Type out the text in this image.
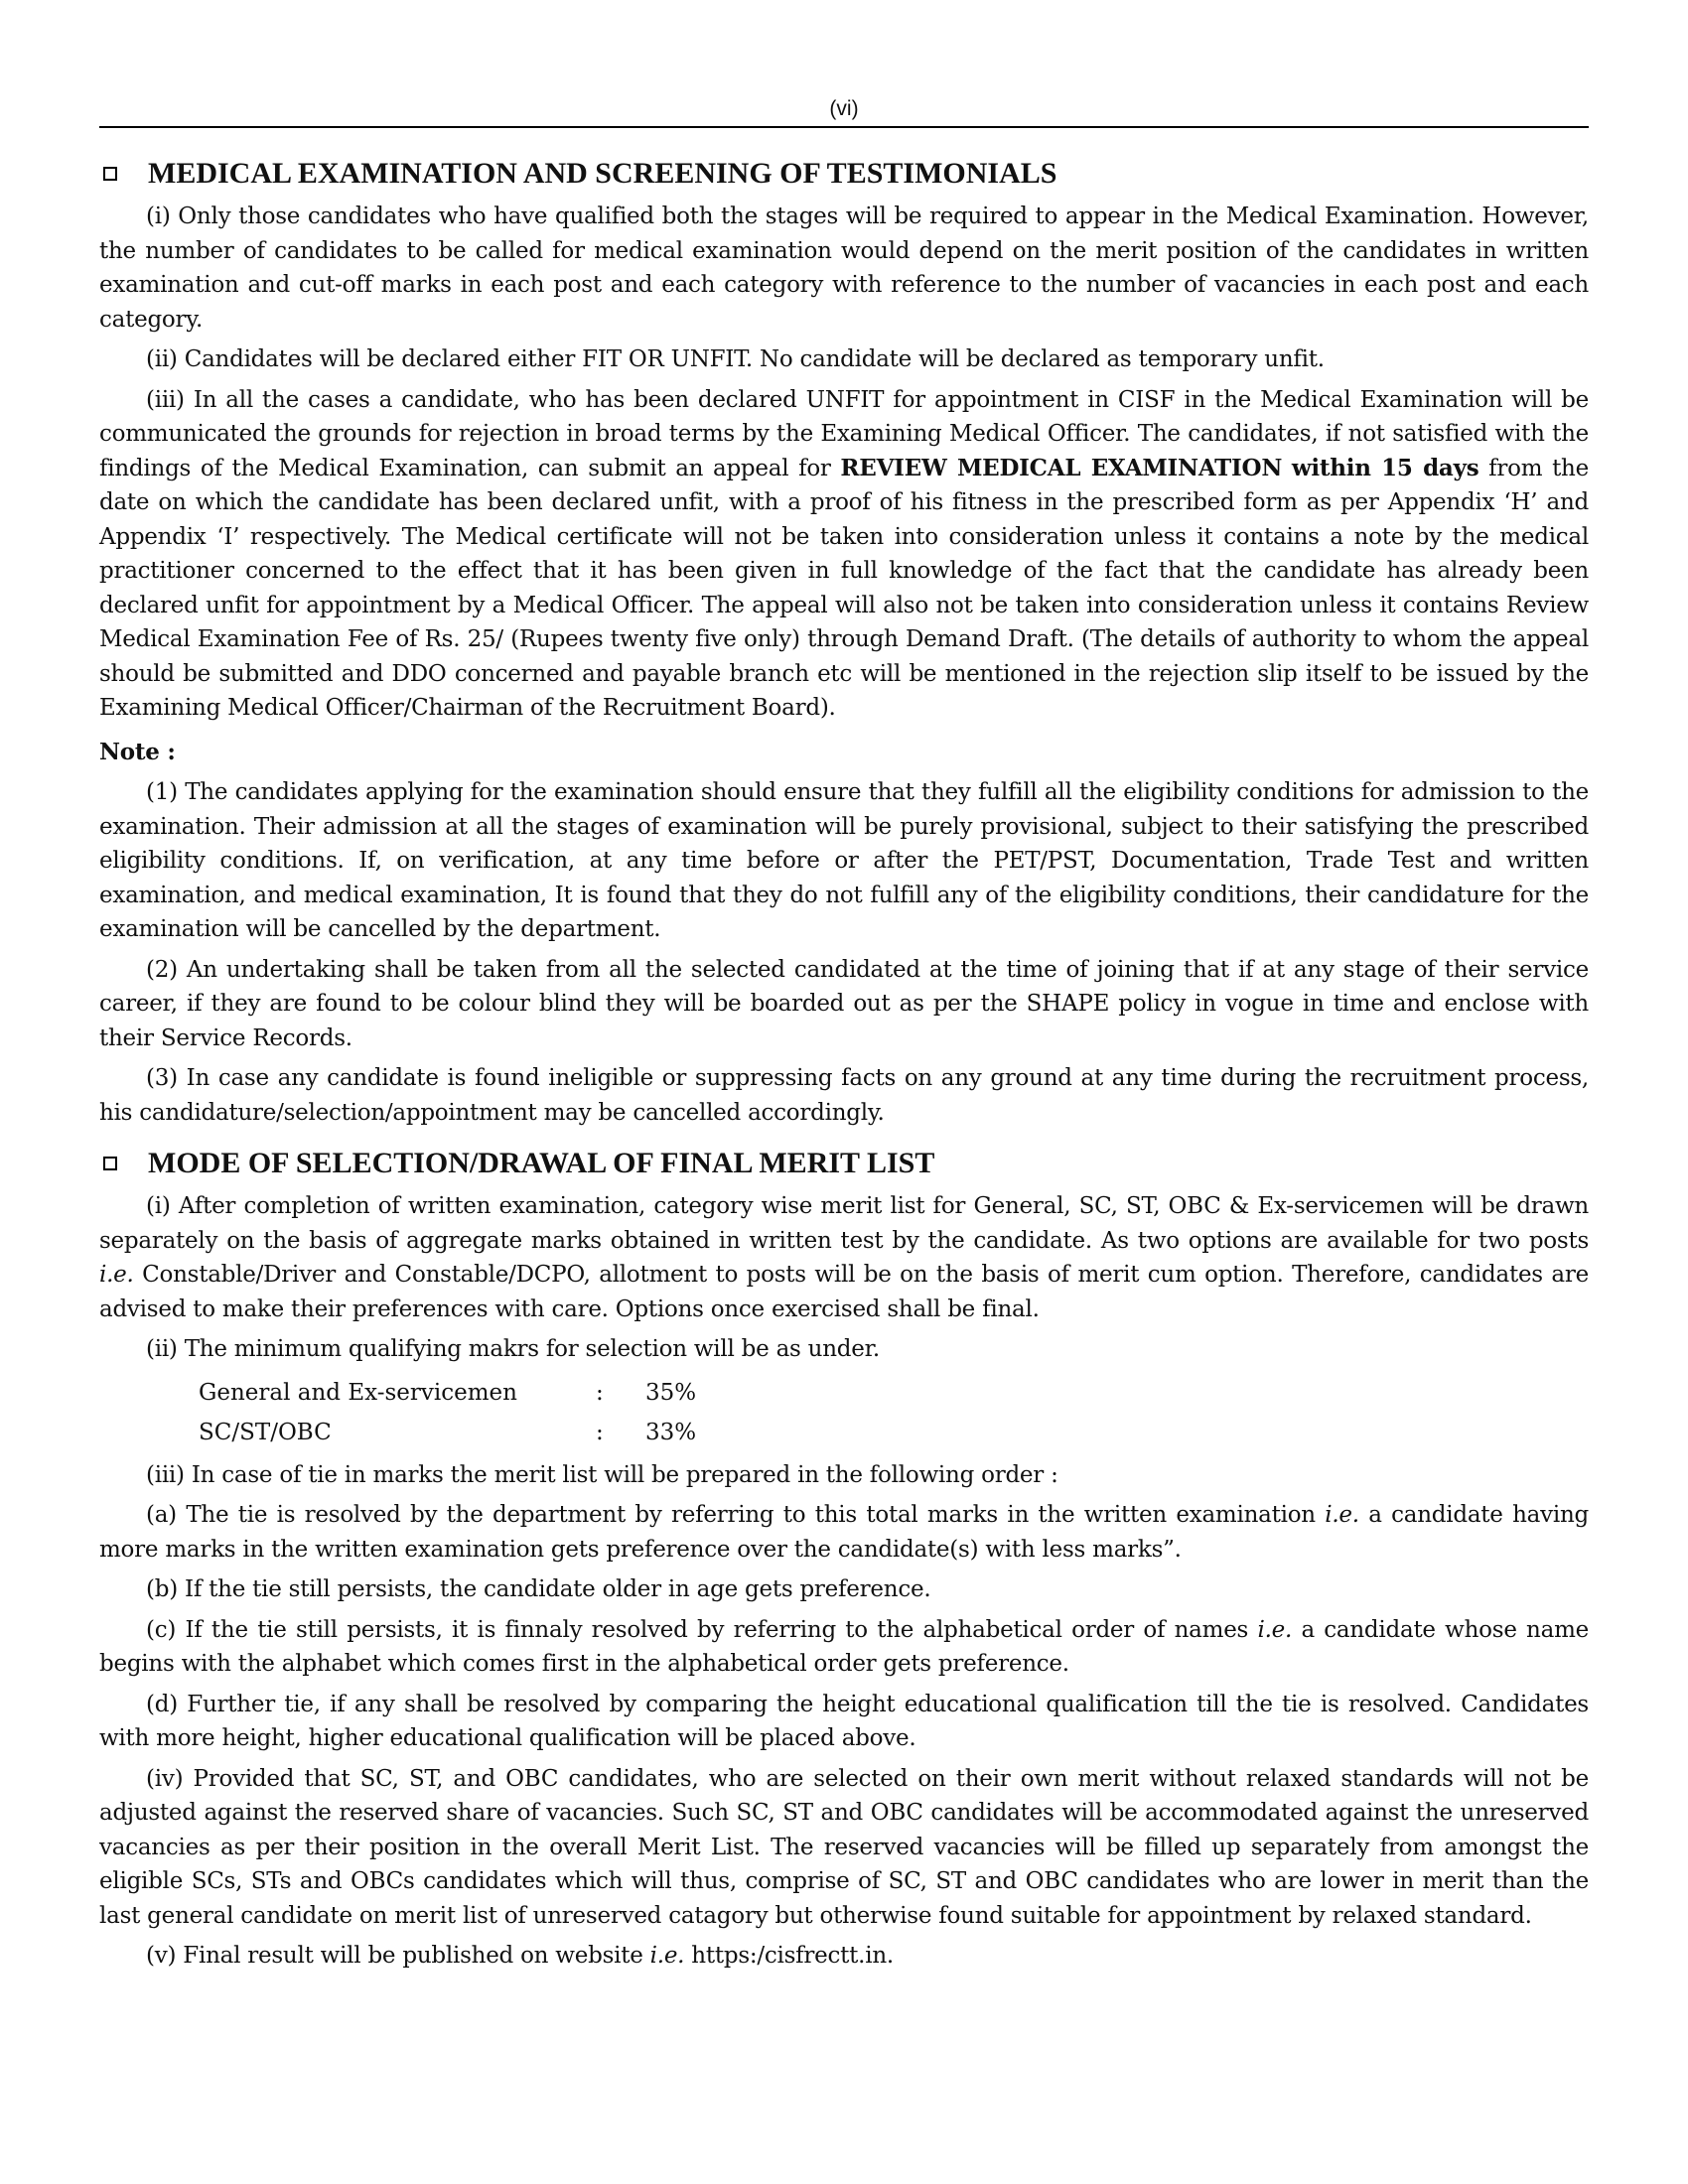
(vi)
MEDICAL EXAMINATION AND SCREENING OF TESTIMONIALS

(i) Only those candidates who have qualified both the stages will be required to appear in the Medical Examination. However, the number of candidates to be called for medical examination would depend on the merit position of the candidates in written examination and cut-off marks in each post and each category with reference to the number of vacancies in each post and each category.

(ii) Candidates will be declared either FIT OR UNFIT. No candidate will be declared as temporary unfit.

(iii) In all the cases a candidate, who has been declared UNFIT for appointment in CISF in the Medical Examination will be communicated the grounds for rejection in broad terms by the Examining Medical Officer. The candidates, if not satisfied with the findings of the Medical Examination, can submit an appeal for REVIEW MEDICAL EXAMINATION within 15 days from the date on which the candidate has been declared unfit, with a proof of his fitness in the prescribed form as per Appendix ‘H’ and Appendix ‘I’ respectively. The Medical certificate will not be taken into consideration unless it contains a note by the medical practitioner concerned to the effect that it has been given in full knowledge of the fact that the candidate has already been declared unfit for appointment by a Medical Officer. The appeal will also not be taken into consideration unless it contains Review Medical Examination Fee of Rs. 25/ (Rupees twenty five only) through Demand Draft. (The details of authority to whom the appeal should be submitted and DDO concerned and payable branch etc will be mentioned in the rejection slip itself to be issued by the Examining Medical Officer/Chairman of the Recruitment Board).

Note :

(1) The candidates applying for the examination should ensure that they fulfill all the eligibility conditions for admission to the examination. Their admission at all the stages of examination will be purely provisional, subject to their satisfying the prescribed eligibility conditions. If, on verification, at any time before or after the PET/PST, Documentation, Trade Test and written examination, and medical examination, It is found that they do not fulfill any of the eligibility conditions, their candidature for the examination will be cancelled by the department.

(2) An undertaking shall be taken from all the selected candidated at the time of joining that if at any stage of their service career, if they are found to be colour blind they will be boarded out as per the SHAPE policy in vogue in time and enclose with their Service Records.

(3) In case any candidate is found ineligible or suppressing facts on any ground at any time during the recruitment process, his candidature/selection/appointment may be cancelled accordingly.

MODE OF SELECTION/DRAWAL OF FINAL MERIT LIST

(i) After completion of written examination, category wise merit list for General, SC, ST, OBC & Ex-servicemen will be drawn separately on the basis of aggregate marks obtained in written test by the candidate. As two options are available for two posts i.e. Constable/Driver and Constable/DCPO, allotment to posts will be on the basis of merit cum option. Therefore, candidates are advised to make their preferences with care. Options once exercised shall be final.

(ii) The minimum qualifying makrs for selection will be as under.

General and Ex-servicemen	:	35%
SC/ST/OBC	:	33%

(iii) In case of tie in marks the merit list will be prepared in the following order :

(a) The tie is resolved by the department by referring to this total marks in the written examination i.e. a candidate having more marks in the written examination gets preference over the candidate(s) with less marks”.

(b) If the tie still persists, the candidate older in age gets preference.

(c) If the tie still persists, it is finnaly resolved by referring to the alphabetical order of names i.e. a candidate whose name begins with the alphabet which comes first in the alphabetical order gets preference.

(d) Further tie, if any shall be resolved by comparing the height educational qualification till the tie is resolved. Candidates with more height, higher educational qualification will be placed above.

(iv) Provided that SC, ST, and OBC candidates, who are selected on their own merit without relaxed standards will not be adjusted against the reserved share of vacancies. Such SC, ST and OBC candidates will be accommodated against the unreserved vacancies as per their position in the overall Merit List. The reserved vacancies will be filled up separately from amongst the eligible SCs, STs and OBCs candidates which will thus, comprise of SC, ST and OBC candidates who are lower in merit than the last general candidate on merit list of unreserved catagory but otherwise found suitable for appointment by relaxed standard.

(v) Final result will be published on website i.e. https:/cisfrectt.in.
